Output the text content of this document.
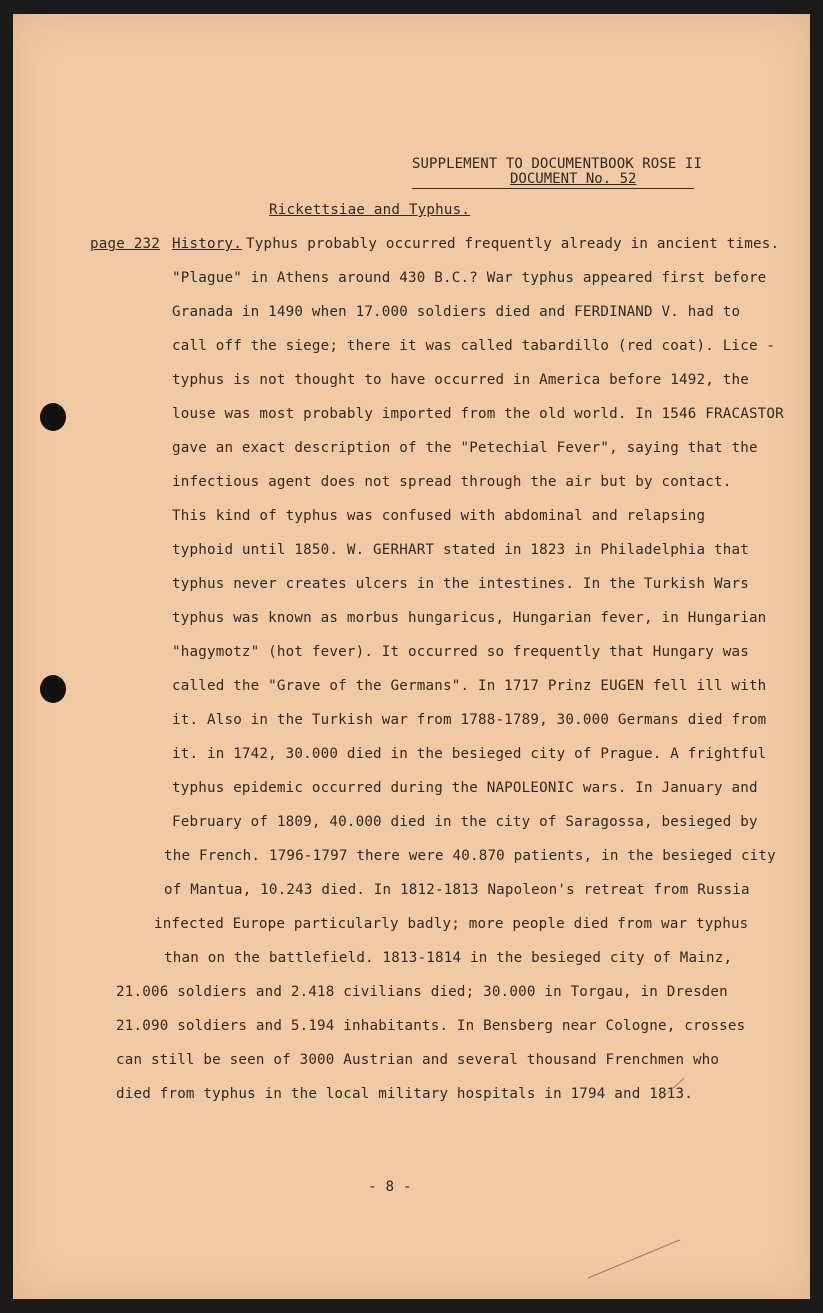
SUPPLEMENT TO DOCUMENTBOOK ROSE II
DOCUMENT No. 52
Rickettsiae and Typhus.
page 232 History. Typhus probably occurred frequently already in ancient times.
"Plague" in Athens around 430 B.C.? War typhus appeared first before
Granada in 1490 when 17.000 soldiers died and FERDINAND V. had to
call off the siege; there it was called tabardillo (red coat). Lice -
typhus is not thought to have occurred in America before 1492, the
louse was most probably imported from the old world. In 1546 FRACASTOR
gave an exact description of the "Petechial Fever", saying that the
infectious agent does not spread through the air but by contact.
This kind of typhus was confused with abdominal and relapsing
typhoid until 1850. W. GERHART stated in 1823 in Philadelphia that
typhus never creates ulcers in the intestines. In the Turkish Wars
typhus was known as morbus hungaricus, Hungarian fever, in Hungarian
"hagymotz" (hot fever). It occurred so frequently that Hungary was
called the "Grave of the Germans". In 1717 Prinz EUGEN fell ill with
it. Also in the Turkish war from 1788-1789, 30.000 Germans died from
it. in 1742, 30.000 died in the besieged city of Prague. A frightful
typhus epidemic occurred during the NAPOLEONIC wars. In January and
February of 1809, 40.000 died in the city of Saragossa, besieged by
the French. 1796-1797 there were 40.870 patients, in the besieged city
of Mantua, 10.243 died. In 1812-1813 Napoleon's retreat from Russia
infected Europe particularly badly; more people died from war typhus
than on the battlefield. 1813-1814 in the besieged city of Mainz,
21.006 soldiers and 2.418 civilians died; 30.000 in Torgau, in Dresden
21.090 soldiers and 5.194 inhabitants. In Bensberg near Cologne, crosses
can still be seen of 3000 Austrian and several thousand Frenchmen who
died from typhus in the local military hospitals in 1794 and 1813.
- 8 -
